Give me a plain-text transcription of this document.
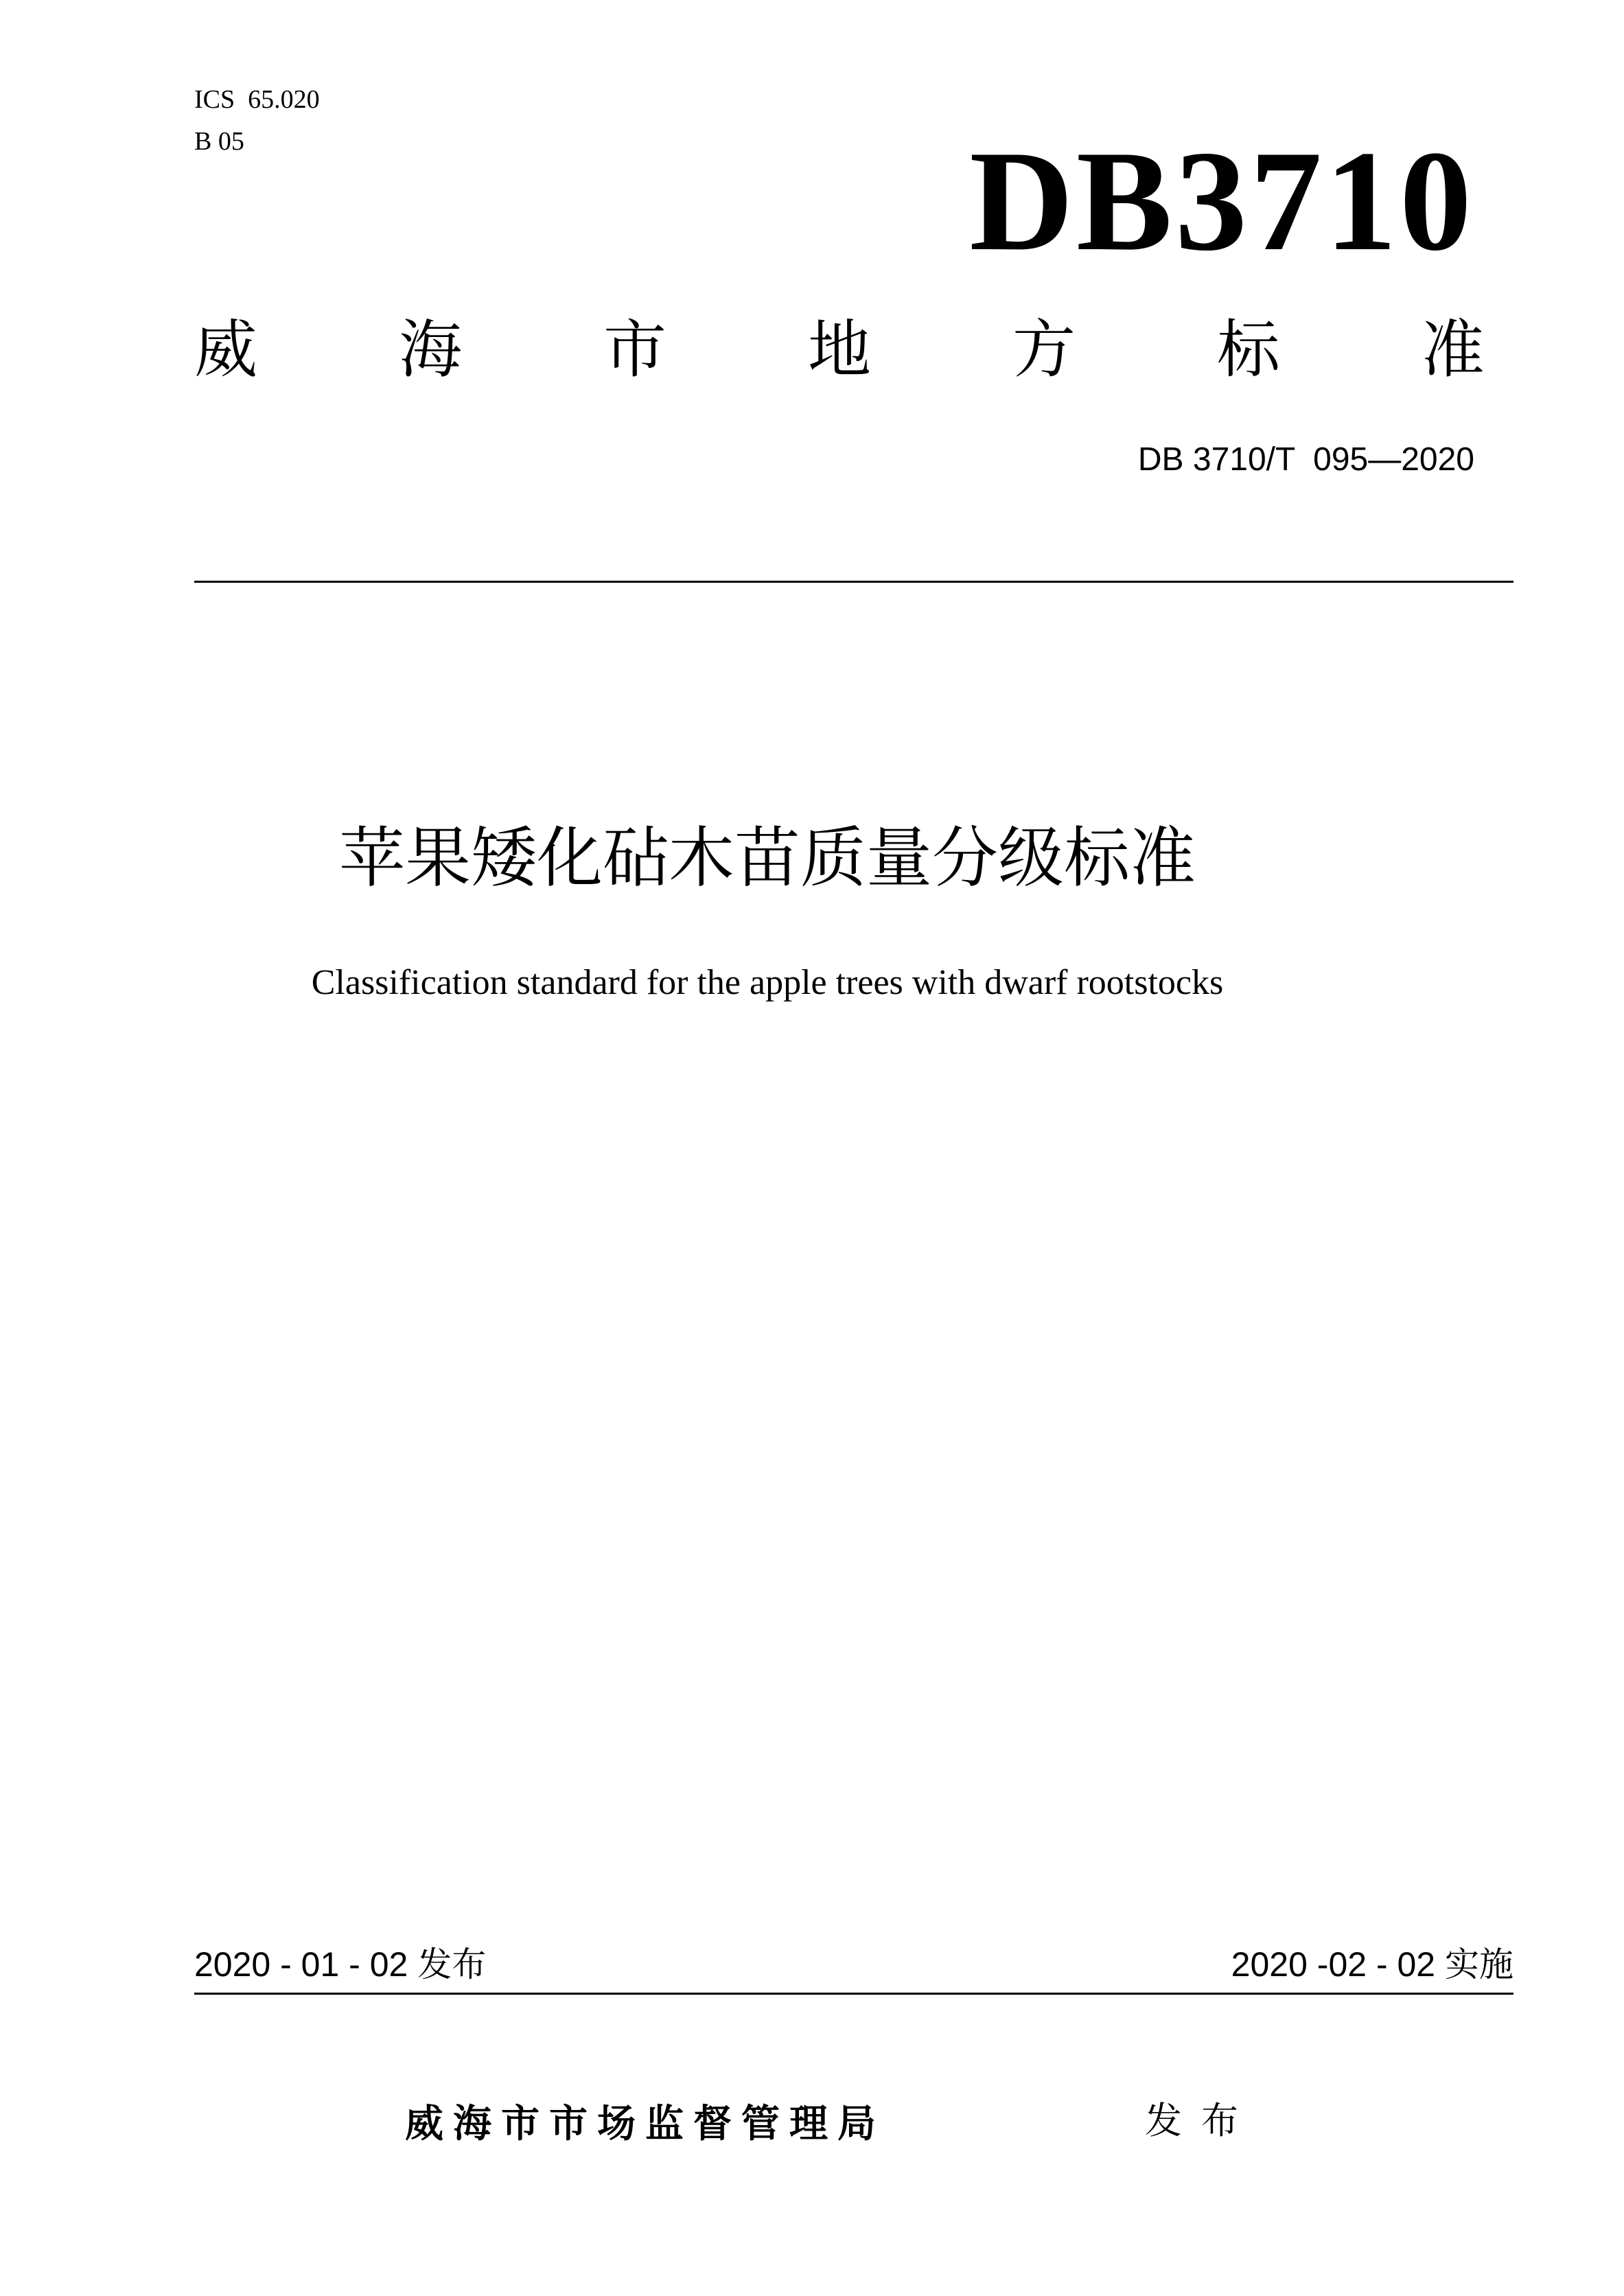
ICS  65.020
B 05	DB3710
威 海 市 地 方 标 准
DB 3710/T  095—2020
苹果矮化砧木苗质量分级标准
Classification standard for the apple trees with dwarf rootstocks
2020 - 01 - 02 发布	2020 -02 - 02 实施
威海市市场监督管理局	发布
